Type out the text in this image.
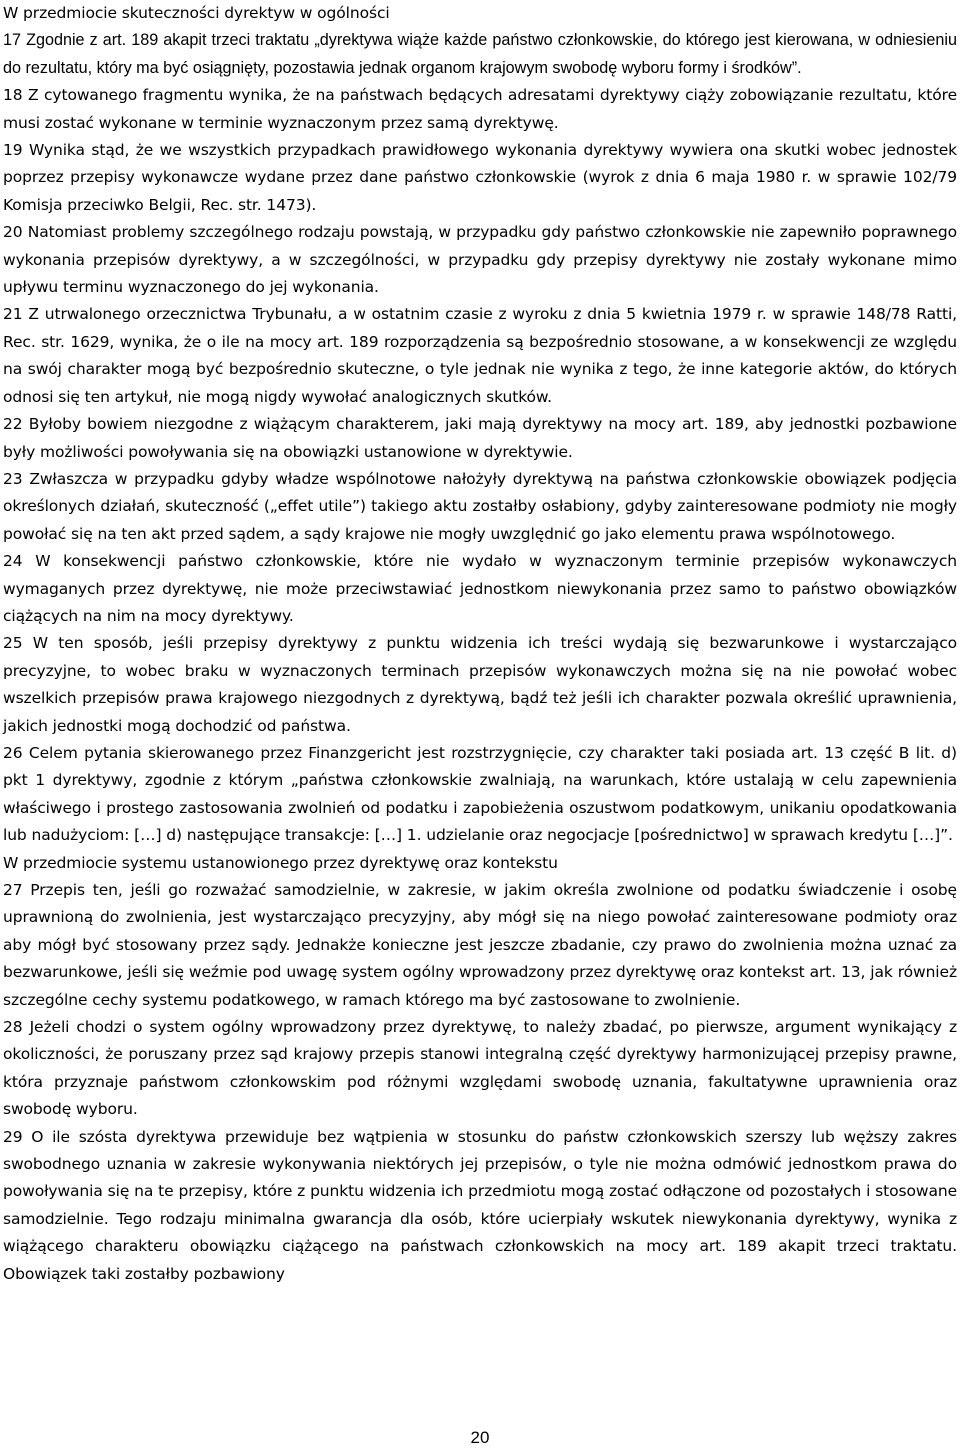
W przedmiocie skuteczności dyrektyw w ogólności

17 Zgodnie z art. 189 akapit trzeci traktatu „dyrektywa wiąże każde państwo członkowskie, do którego jest kierowana, w odniesieniu do rezultatu, który ma być osiągnięty, pozostawia jednak organom krajowym swobodę wyboru formy i środków”.

18 Z cytowanego fragmentu wynika, że na państwach będących adresatami dyrektywy ciąży zobowiązanie rezultatu, które musi zostać wykonane w terminie wyznaczonym przez samą dyrektywę.

19 Wynika stąd, że we wszystkich przypadkach prawidłowego wykonania dyrektywy wywiera ona skutki wobec jednostek poprzez przepisy wykonawcze wydane przez dane państwo członkowskie (wyrok z dnia 6 maja 1980 r. w sprawie 102/79 Komisja przeciwko Belgii, Rec. str. 1473).

20 Natomiast problemy szczególnego rodzaju powstają, w przypadku gdy państwo członkowskie nie zapewniło poprawnego wykonania przepisów dyrektywy, a w szczególności, w przypadku gdy przepisy dyrektywy nie zostały wykonane mimo upływu terminu wyznaczonego do jej wykonania.

21 Z utrwalonego orzecznictwa Trybunału, a w ostatnim czasie z wyroku z dnia 5 kwietnia 1979 r. w sprawie 148/78 Ratti, Rec. str. 1629, wynika, że o ile na mocy art. 189 rozporządzenia są bezpośrednio stosowane, a w konsekwencji ze względu na swój charakter mogą być bezpośrednio skuteczne, o tyle jednak nie wynika z tego, że inne kategorie aktów, do których odnosi się ten artykuł, nie mogą nigdy wywołać analogicznych skutków.

22 Byłoby bowiem niezgodne z wiążącym charakterem, jaki mają dyrektywy na mocy art. 189, aby jednostki pozbawione były możliwości powoływania się na obowiązki ustanowione w dyrektywie.

23 Zwłaszcza w przypadku gdyby władze wspólnotowe nałożyły dyrektywą na państwa członkowskie obowiązek podjęcia określonych działań, skuteczność („effet utile”) takiego aktu zostałby osłabiony, gdyby zainteresowane podmioty nie mogły powołać się na ten akt przed sądem, a sądy krajowe nie mogły uwzględnić go jako elementu prawa wspólnotowego.

24 W konsekwencji państwo członkowskie, które nie wydało w wyznaczonym terminie przepisów wykonawczych wymaganych przez dyrektywę, nie może przeciwstawiać jednostkom niewykonania przez samo to państwo obowiązków ciążących na nim na mocy dyrektywy.

25 W ten sposób, jeśli przepisy dyrektywy z punktu widzenia ich treści wydają się bezwarunkowe i wystarczająco precyzyjne, to wobec braku w wyznaczonych terminach przepisów wykonawczych można się na nie powołać wobec wszelkich przepisów prawa krajowego niezgodnych z dyrektywą, bądź też jeśli ich charakter pozwala określić uprawnienia, jakich jednostki mogą dochodzić od państwa.

26 Celem pytania skierowanego przez Finanzgericht jest rozstrzygnięcie, czy charakter taki posiada art. 13 część B lit. d) pkt 1 dyrektywy, zgodnie z którym „państwa członkowskie zwalniają, na warunkach, które ustalają w celu zapewnienia właściwego i prostego zastosowania zwolnień od podatku i zapobieżenia oszustwom podatkowym, unikaniu opodatkowania lub nadużyciom: […] d) następujące transakcje: […] 1. udzielanie oraz negocjacje [pośrednictwo] w sprawach kredytu […]”.

W przedmiocie systemu ustanowionego przez dyrektywę oraz kontekstu

27 Przepis ten, jeśli go rozważać samodzielnie, w zakresie, w jakim określa zwolnione od podatku świadczenie i osobę uprawnioną do zwolnienia, jest wystarczająco precyzyjny, aby mógł się na niego powołać zainteresowane podmioty oraz aby mógł być stosowany przez sądy. Jednakże konieczne jest jeszcze zbadanie, czy prawo do zwolnienia można uznać za bezwarunkowe, jeśli się weźmie pod uwagę system ogólny wprowadzony przez dyrektywę oraz kontekst art. 13, jak również szczególne cechy systemu podatkowego, w ramach którego ma być zastosowane to zwolnienie.

28 Jeżeli chodzi o system ogólny wprowadzony przez dyrektywę, to należy zbadać, po pierwsze, argument wynikający z okoliczności, że poruszany przez sąd krajowy przepis stanowi integralną część dyrektywy harmonizującej przepisy prawne, która przyznaje państwom członkowskim pod różnymi względami swobodę uznania, fakultatywne uprawnienia oraz swobodę wyboru.

29 O ile szósta dyrektywa przewiduje bez wątpienia w stosunku do państw członkowskich szerszy lub węższy zakres swobodnego uznania w zakresie wykonywania niektórych jej przepisów, o tyle nie można odmówić jednostkom prawa do powoływania się na te przepisy, które z punktu widzenia ich przedmiotu mogą zostać odłączone od pozostałych i stosowane samodzielnie. Tego rodzaju minimalna gwarancja dla osób, które ucierpiały wskutek niewykonania dyrektywy, wynika z wiążącego charakteru obowiązku ciążącego na państwach członkowskich na mocy art. 189 akapit trzeci traktatu. Obowiązek taki zostałby pozbawiony

20
